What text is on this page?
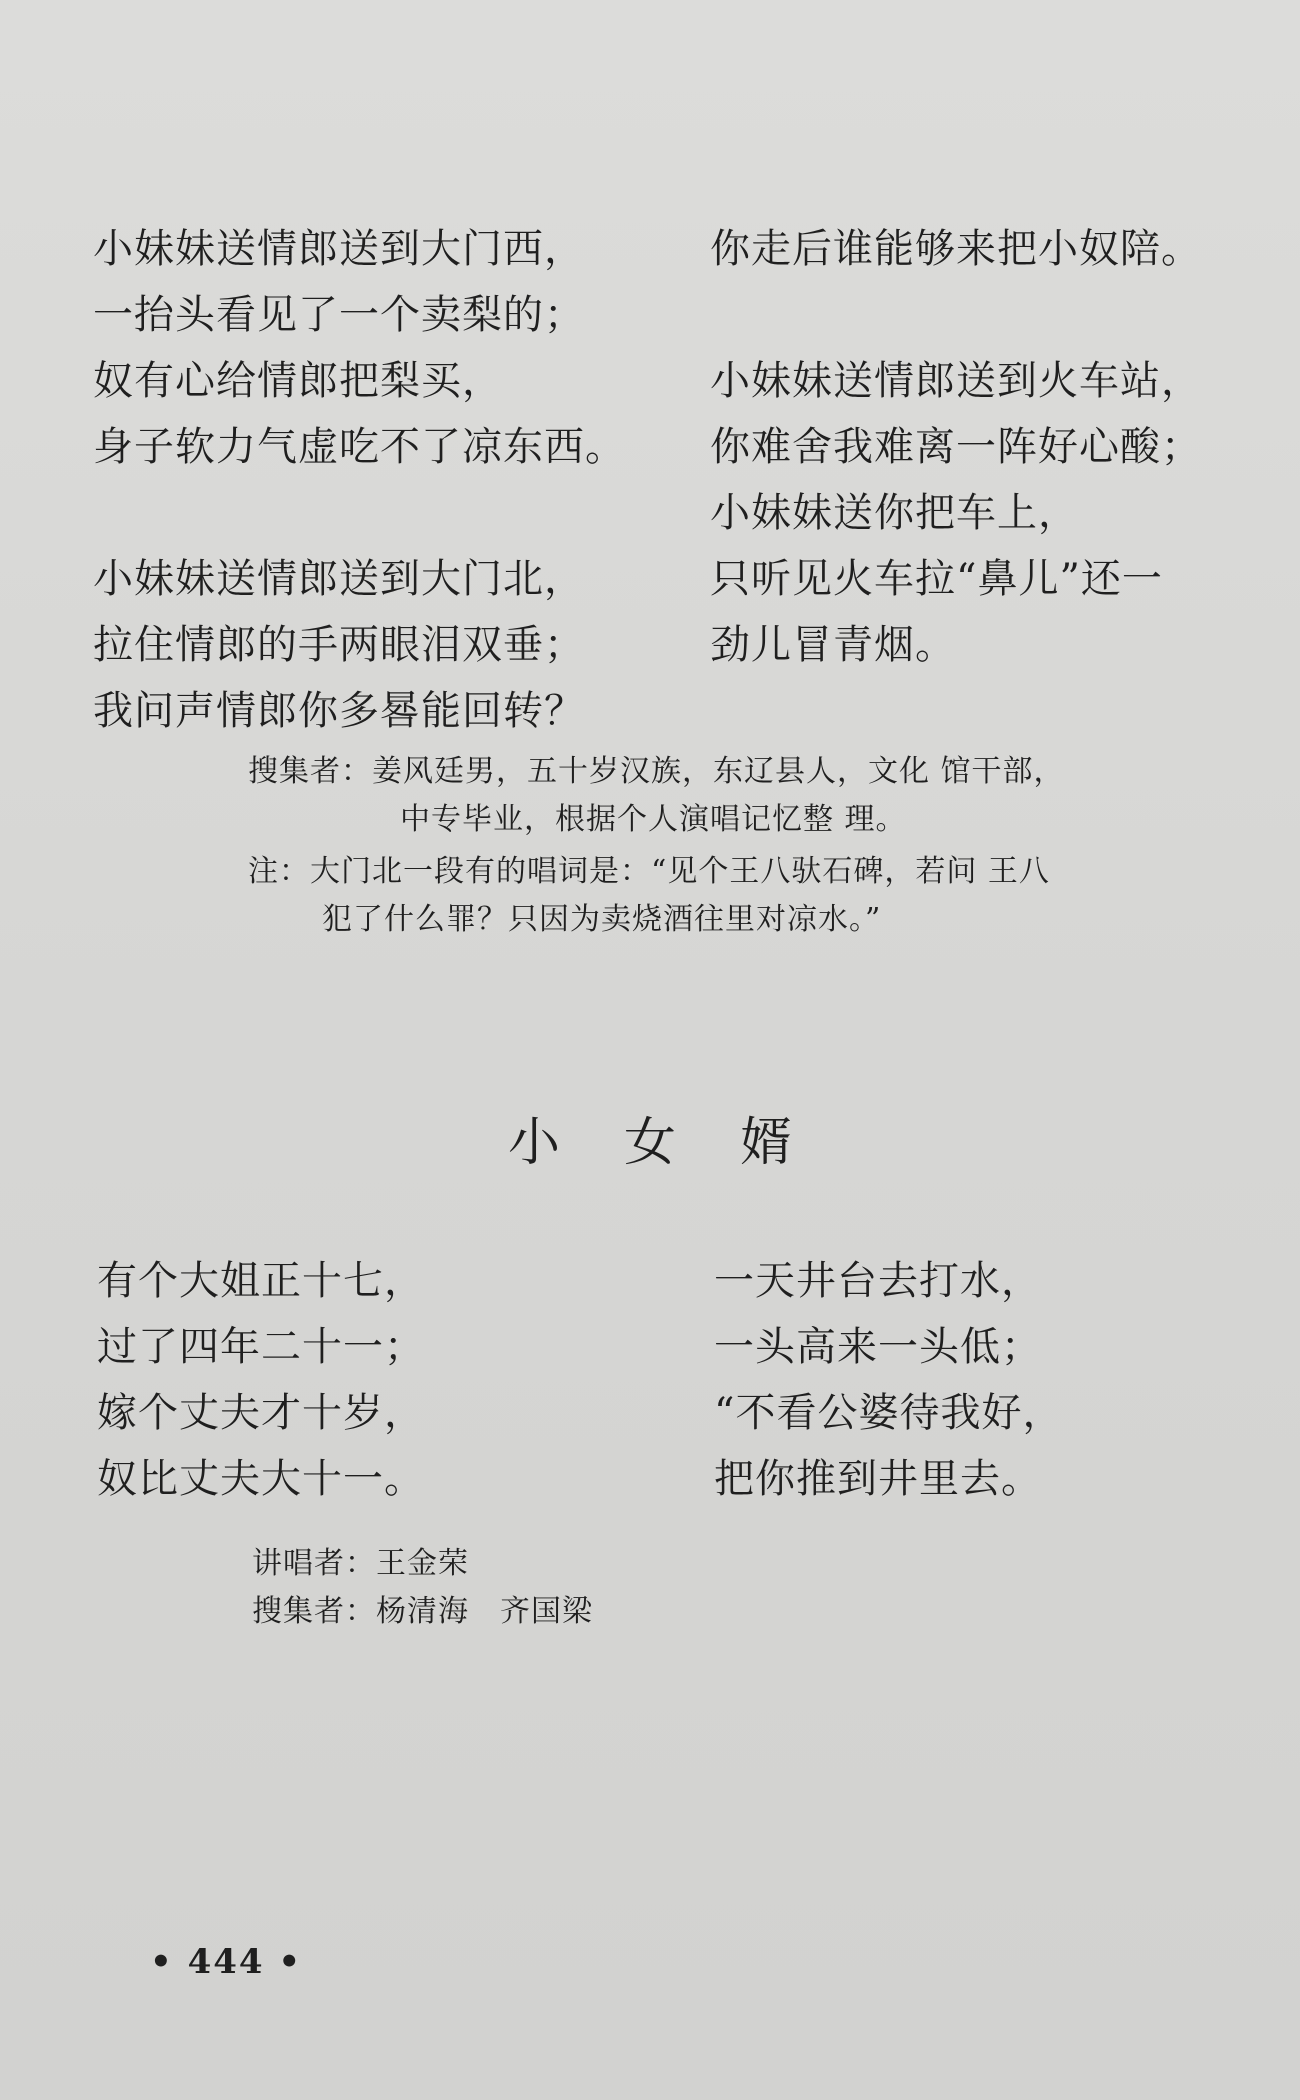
小妹妹送情郎送到大门西，
一抬头看见了一个卖梨的；
奴有心给情郎把梨买，
身子软力气虚吃不了凉东西。
小妹妹送情郎送到大门北，
拉住情郎的手两眼泪双垂；
我问声情郎你多晷能回转？
你走后谁能够来把小奴陪。
小妹妹送情郎送到火车站，
你难舍我难离一阵好心酸；
小妹妹送你把车上，
只听见火车拉“鼻儿”还一
劲儿冒青烟。
搜集者：姜风廷男，五十岁汉族，东辽县人，文化 馆干部，
中专毕业，根据个人演唱记忆整 理。
注：大门北一段有的唱词是：“见个王八驮石碑，若问 王八
犯了什么罪？只因为卖烧酒往里对凉水。”
小女婿
有个大姐正十七，
过了四年二十一；
嫁个丈夫才十岁，
奴比丈夫大十一。
一天井台去打水，
一头高来一头低；
“不看公婆待我好，
把你推到井里去。
讲唱者：王金荣
搜集者：杨清海　齐国梁
• 444 •
